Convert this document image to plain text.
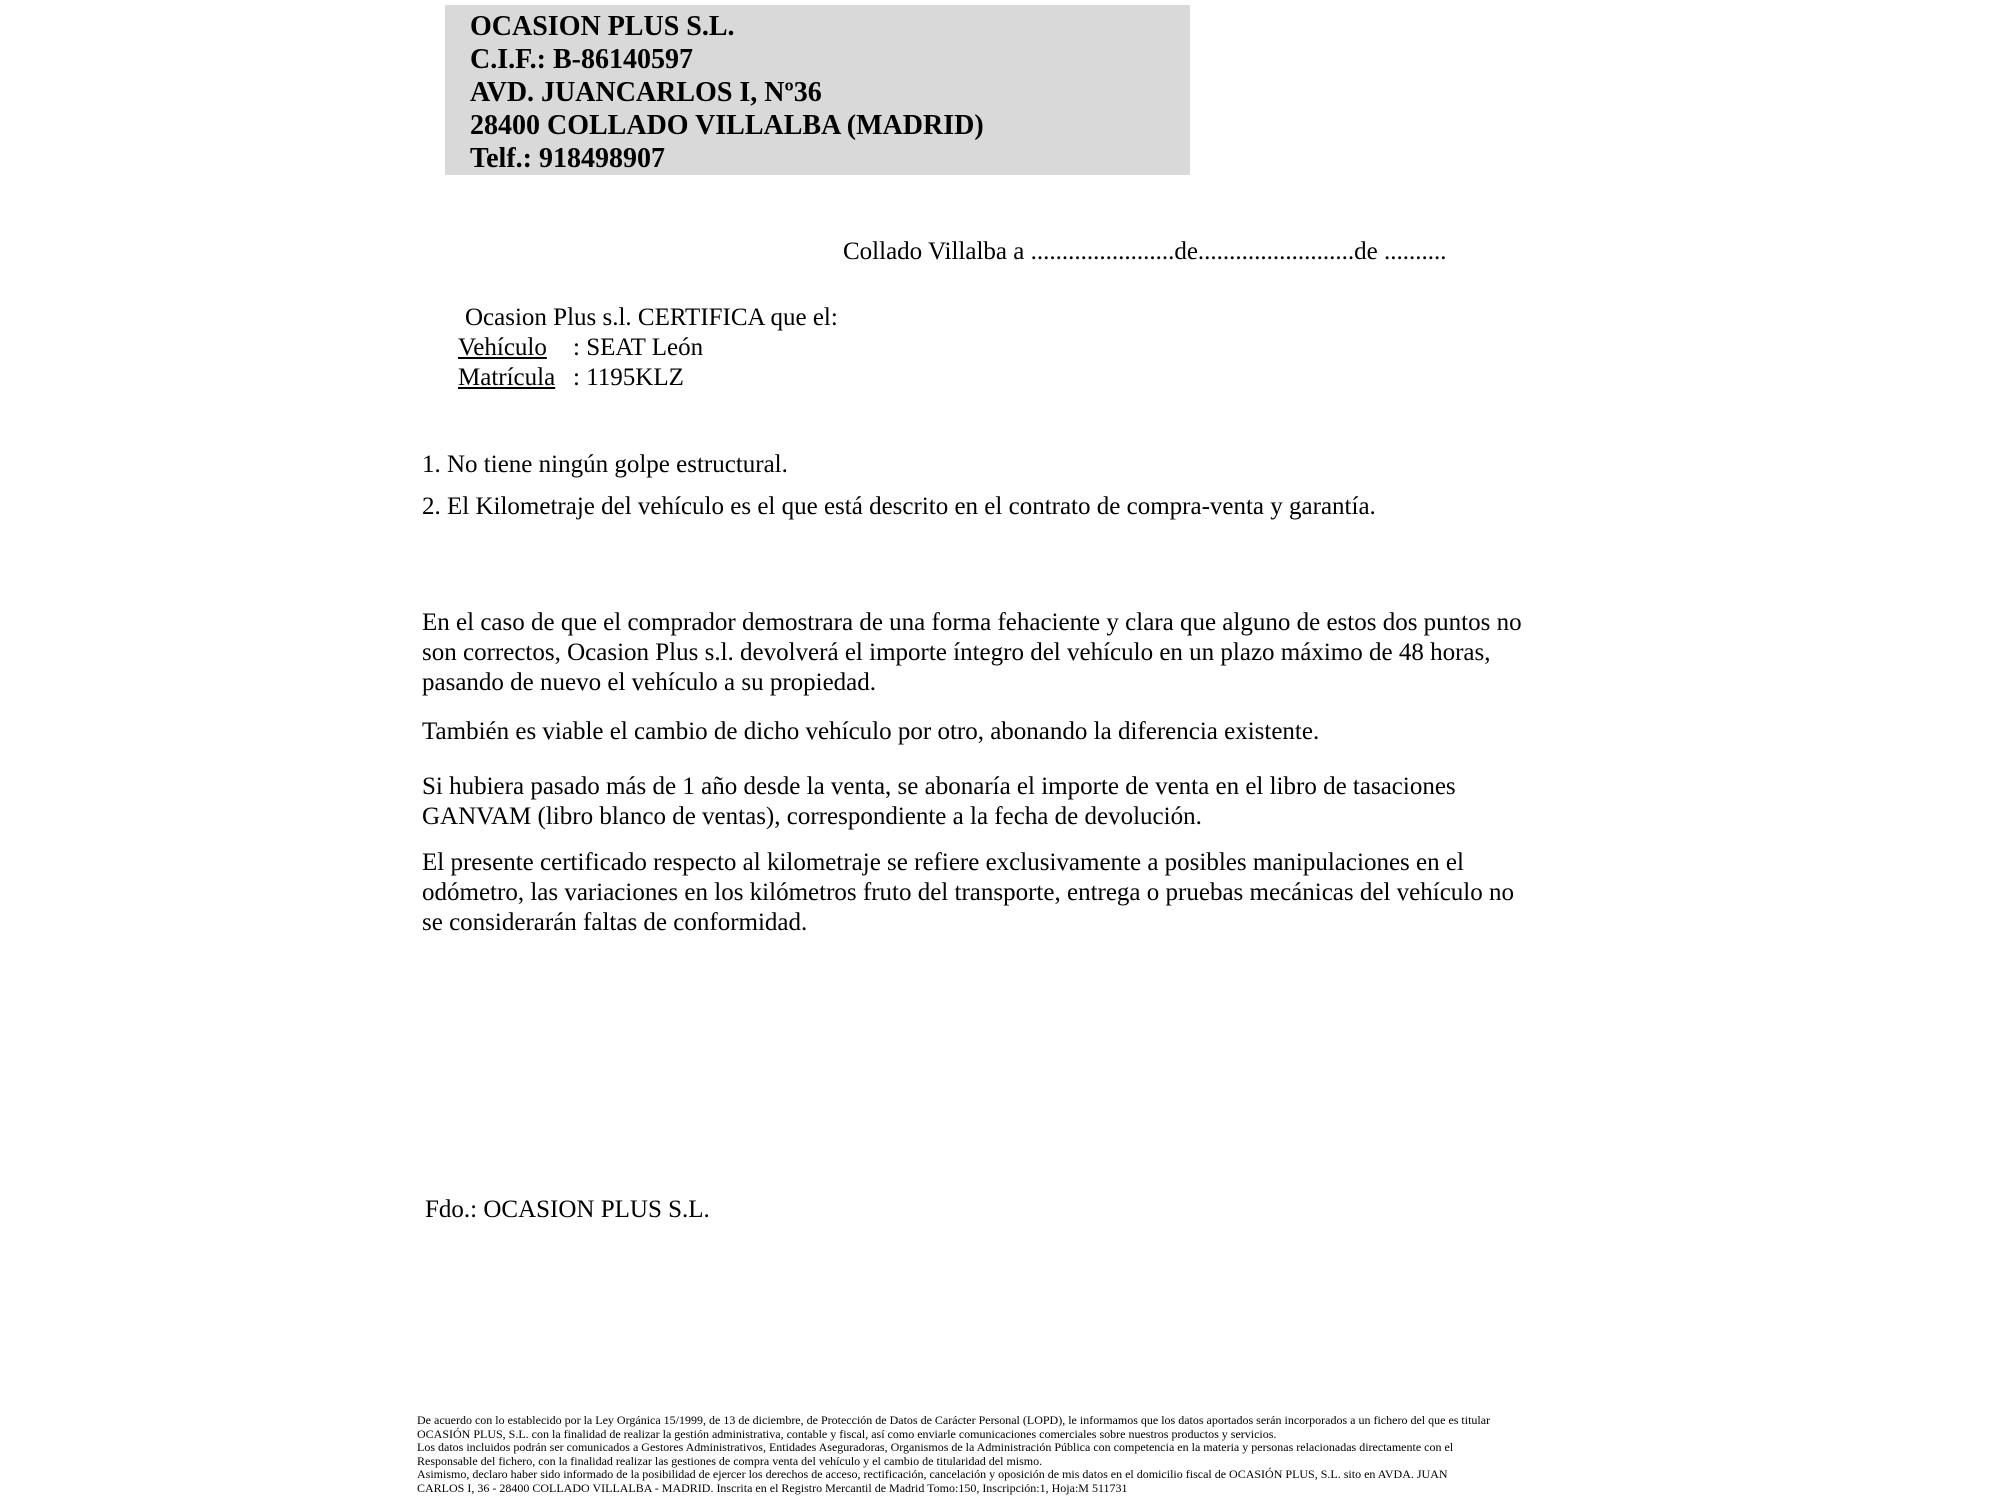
OCASION PLUS S.L.
C.I.F.: B-86140597
AVD. JUANCARLOS I, Nº36
28400 COLLADO VILLALBA (MADRID)
Telf.: 918498907
Collado Villalba a .......................de.........................de ..........
Ocasion Plus s.l. CERTIFICA que el:
Vehículo : SEAT León
Matrícula : 1195KLZ
1. No tiene ningún golpe estructural.
2. El Kilometraje del vehículo es el que está descrito en el contrato de compra-venta y garantía.
En el caso de que el comprador demostrara de una forma fehaciente y clara que alguno de estos dos puntos no
son correctos, Ocasion Plus s.l. devolverá el importe íntegro del vehículo en un plazo máximo de 48 horas,
pasando de nuevo el vehículo a su propiedad.
También es viable el cambio de dicho vehículo por otro, abonando la diferencia existente.
Si hubiera pasado más de 1 año desde la venta, se abonaría el importe de venta en el libro de tasaciones
GANVAM (libro blanco de ventas), correspondiente a la fecha de devolución.
El presente certificado respecto al kilometraje se refiere exclusivamente a posibles manipulaciones en el
odómetro, las variaciones en los kilómetros fruto del transporte, entrega o pruebas mecánicas del vehículo no
se considerarán faltas de conformidad.
Fdo.: OCASION PLUS S.L.
De acuerdo con lo establecido por la Ley Orgánica 15/1999, de 13 de diciembre, de Protección de Datos de Carácter Personal (LOPD), le informamos que los datos aportados serán incorporados a un fichero del que es titular
OCASIÓN PLUS, S.L. con la finalidad de realizar la gestión administrativa, contable y fiscal, así como enviarle comunicaciones comerciales sobre nuestros productos y servicios.
Los datos incluidos podrán ser comunicados a Gestores Administrativos, Entidades Aseguradoras, Organismos de la Administración Pública con competencia en la materia y personas relacionadas directamente con el
Responsable del fichero, con la finalidad realizar las gestiones de compra venta del vehículo y el cambio de titularidad del mismo.
Asimismo, declaro haber sido informado de la posibilidad de ejercer los derechos de acceso, rectificación, cancelación y oposición de mis datos en el domicilio fiscal de OCASIÓN PLUS, S.L. sito en AVDA. JUAN
CARLOS I, 36 - 28400 COLLADO VILLALBA - MADRID. Inscrita en el Registro Mercantil de Madrid Tomo:150, Inscripción:1, Hoja:M 511731
